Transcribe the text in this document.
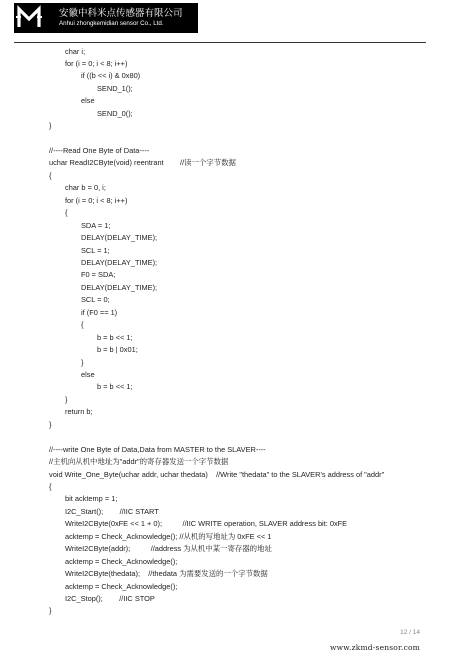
安徽中科米点传感器有限公司
Anhui zhongkemidian sensor Co., Ltd.
char i;
for (i = 0; i < 8; i++)
if ((b << i) & 0x80)
SEND_1();
else
SEND_0();
}
//----Read One Byte of Data----
uchar ReadI2CByte(void) reentrant        //读一个字节数据
{
char b = 0, i;
for (i = 0; i < 8; i++)
{
SDA = 1;
DELAY(DELAY_TIME);
SCL = 1;
DELAY(DELAY_TIME);
F0 = SDA;
DELAY(DELAY_TIME);
SCL = 0;
if (F0 == 1)
{
b = b << 1;
b = b | 0x01;
}
else
b = b << 1;
}
return b;
}
//----write One Byte of Data,Data from MASTER to the SLAVER----
//主机向从机中地址为"addr"的寄存器发送一个字节数据
void Write_One_Byte(uchar addr, uchar thedata)    //Write "thedata" to the SLAVER's address of "addr"
{
bit acktemp = 1;
I2C_Start();        //IIC START
WriteI2CByte(0xFE << 1 + 0);          //IIC WRITE operation, SLAVER address bit: 0xFE
acktemp = Check_Acknowledge(); //从机的写地址为 0xFE << 1
WriteI2CByte(addr);          //address 为从机中某一寄存器的地址
acktemp = Check_Acknowledge();
WriteI2CByte(thedata);    //thedata 为需要发送的一个字节数据
acktemp = Check_Acknowledge();
I2C_Stop();        //IIC STOP
}
12 / 14
www.zkmd-sensor.com
